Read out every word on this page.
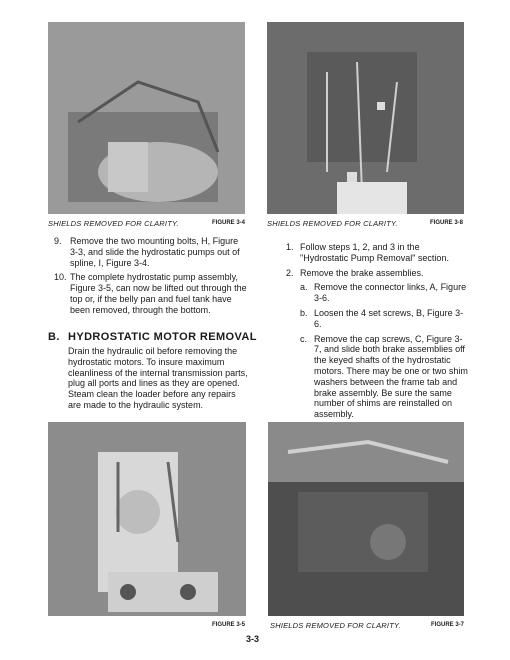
SHIELDS REMOVED FOR CLARITY.	FIGURE 3-4	SHIELDS REMOVED FOR CLARITY.	FIGURE 3-8
9. Remove the two mounting bolts, H, Figure 3-3, and slide the hydrostatic pumps out of spline, I, Figure 3-4.
10. The complete hydrostatic pump assembly, Figure 3-5, can now be lifted out through the top or, if the belly pan and fuel tank have been removed, through the bottom.
B. HYDROSTATIC MOTOR REMOVAL
Drain the hydraulic oil before removing the hydrostatic motors. To insure maximum cleanliness of the internal transmission parts, plug all ports and lines as they are opened. Steam clean the loader before any repairs are made to the hydraulic system.
1. Follow steps 1, 2, and 3 in the "Hydrostatic Pump Removal" section.
2. Remove the brake assemblies.
a. Remove the connector links, A, Figure 3-6.
b. Loosen the 4 set screws, B, Figure 3-6.
c. Remove the cap screws, C, Figure 3-7, and slide both brake assemblies off the keyed shafts of the hydrostatic motors. There may be one or two shim washers between the frame tab and brake assembly. Be sure the same number of shims are reinstalled on assembly.
FIGURE 3-5	SHIELDS REMOVED FOR CLARITY.	FIGURE 3-7
3-3
